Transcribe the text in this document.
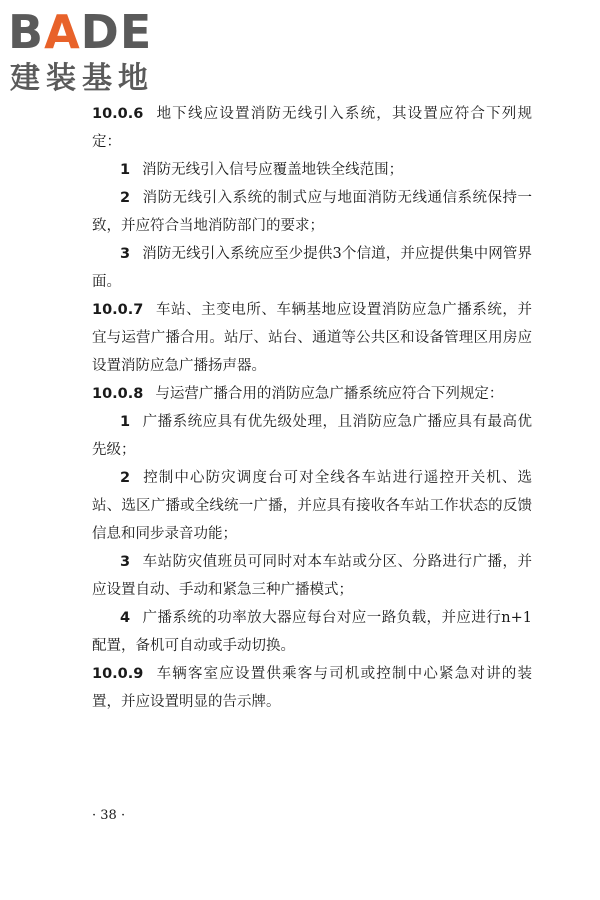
BADE
建装基地

10.0.6 地下线应设置消防无线引入系统，其设置应符合下列规定：

1 消防无线引入信号应覆盖地铁全线范围；

2 消防无线引入系统的制式应与地面消防无线通信系统保持一致，并应符合当地消防部门的要求；

3 消防无线引入系统应至少提供3个信道，并应提供集中网管界面。

10.0.7 车站、主变电所、车辆基地应设置消防应急广播系统，并宜与运营广播合用。站厅、站台、通道等公共区和设备管理区用房应设置消防应急广播扬声器。

10.0.8 与运营广播合用的消防应急广播系统应符合下列规定：

1 广播系统应具有优先级处理，且消防应急广播应具有最高优先级；

2 控制中心防灾调度台可对全线各车站进行遥控开关机、选站、选区广播或全线统一广播，并应具有接收各车站工作状态的反馈信息和同步录音功能；

3 车站防灾值班员可同时对本车站或分区、分路进行广播，并应设置自动、手动和紧急三种广播模式；

4 广播系统的功率放大器应每台对应一路负载，并应进行n+1配置，备机可自动或手动切换。

10.0.9 车辆客室应设置供乘客与司机或控制中心紧急对讲的装置，并应设置明显的告示牌。

· 38 ·
